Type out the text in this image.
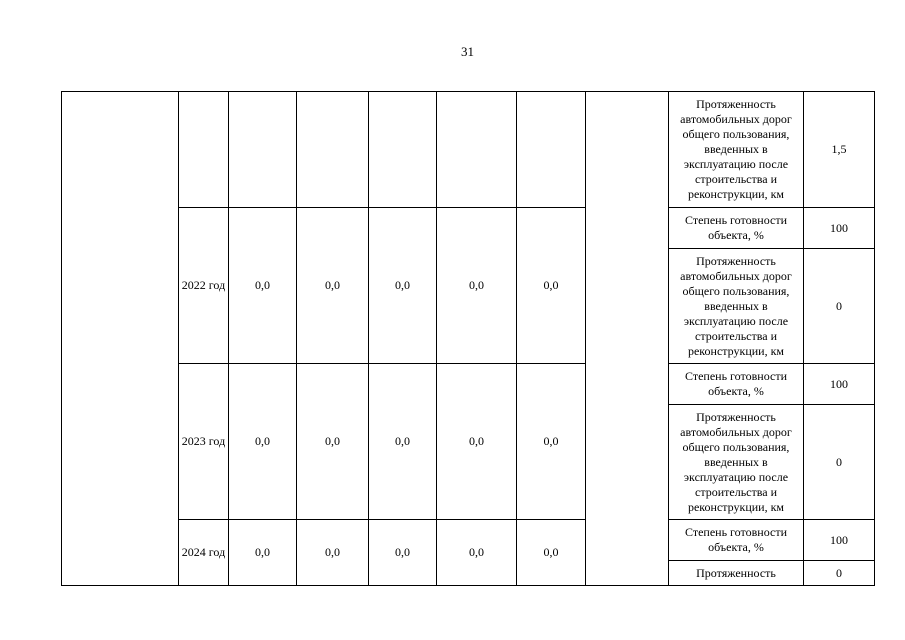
31
								Протяженность автомобильных дорог общего пользования, введенных в эксплуатацию после строительства и реконструкции, км	1,5
	2022 год	0,0	0,0	0,0	0,0	0,0		Степень готовности объекта, %	100
								Протяженность автомобильных дорог общего пользования, введенных в эксплуатацию после строительства и реконструкции, км	0
	2023 год	0,0	0,0	0,0	0,0	0,0		Степень готовности объекта, %	100
								Протяженность автомобильных дорог общего пользования, введенных в эксплуатацию после строительства и реконструкции, км	0
	2024 год	0,0	0,0	0,0	0,0	0,0		Степень готовности объекта, %	100
								Протяженность	0
